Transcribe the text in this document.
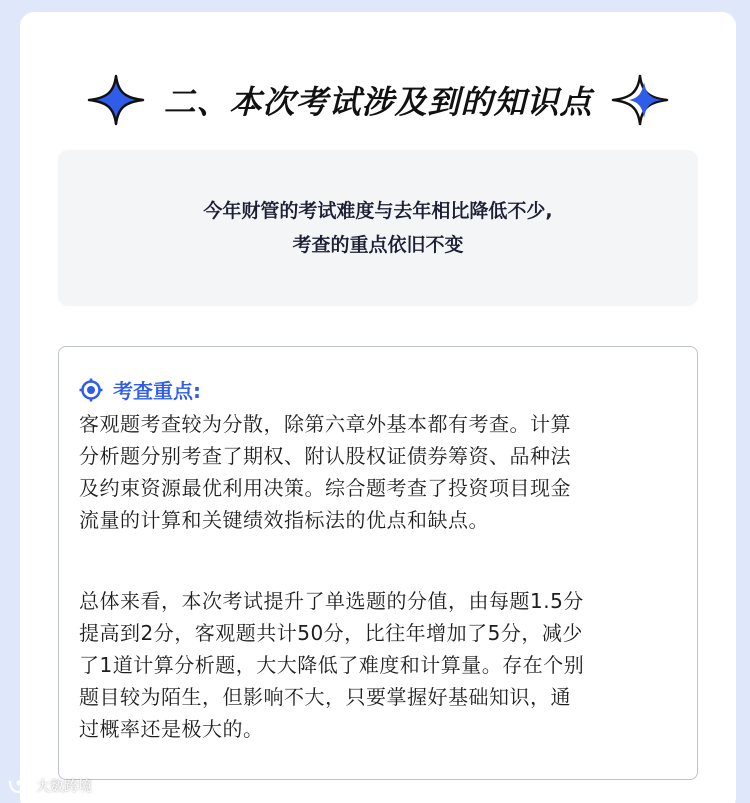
二、本次考试涉及到的知识点
今年财管的考试难度与去年相比降低不少,
考查的重点依旧不变
考查重点:
客观题考查较为分散，除第六章外基本都有考查。计算
分析题分别考查了期权、附认股权证债券筹资、品种法
及约束资源最优利用决策。综合题考查了投资项目现金
流量的计算和关键绩效指标法的优点和缺点。
总体来看，本次考试提升了单选题的分值，由每题1.5分
提高到2分，客观题共计50分，比往年增加了5分，减少
了1道计算分析题，大大降低了难度和计算量。存在个别
题目较为陌生，但影响不大，只要掌握好基础知识，通
过概率还是极大的。
大数跨境
